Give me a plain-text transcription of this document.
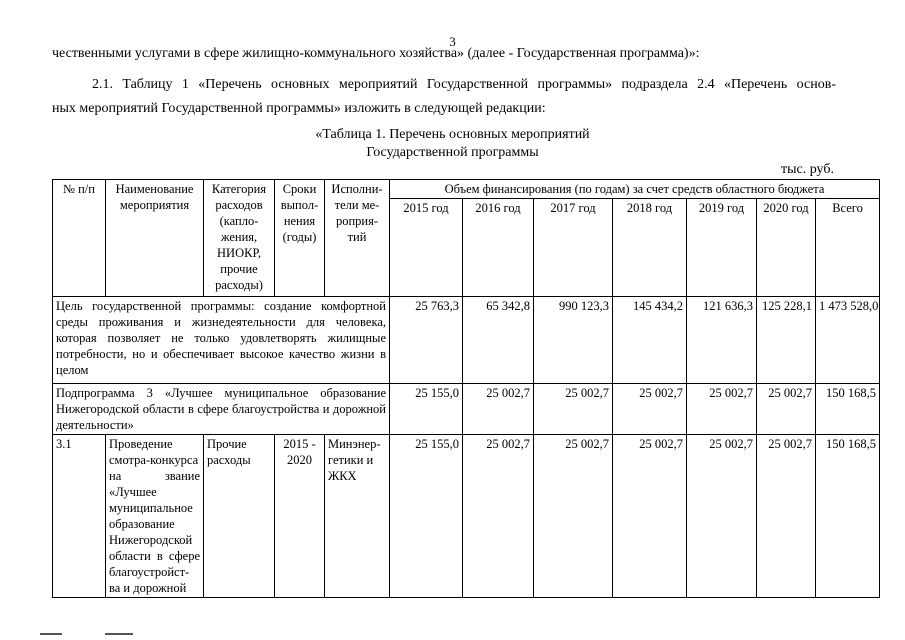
3
чественными услугами в сфере жилищно-коммунального хозяйства» (далее - Государственная программа)»:
2.1. Таблицу 1 «Перечень основных мероприятий Государственной программы» подраздела 2.4 «Перечень основ-
ных мероприятий Государственной программы» изложить в следующей редакции:
«Таблица 1. Перечень основных мероприятий
Государственной программы
тыс. руб.
№ п/п	Наименование мероприятия	Категория расходов (капло-жения, НИОКР, прочие расходы)	Сроки выпол-нения (годы)	Исполни-тели ме-роприя-тий	Объем финансирования (по годам) за счет средств областного бюджета						
					2015 год	2016 год	2017 год	2018 год	2019 год	2020 год	Всего
Цель государственной программы: создание комфортной среды проживания и жизнедеятельности для человека, которая позволяет не только удовлетворять жилищные потребности, но и обеспечивает высокое качество жизни в целом					25 763,3	65 342,8	990 123,3	145 434,2	121 636,3	125 228,1	1 473 528,0
Подпрограмма 3 «Лучшее муниципальное образование Нижегородской области в сфере благоустройства и дорожной деятельности»					25 155,0	25 002,7	25 002,7	25 002,7	25 002,7	25 002,7	150 168,5
3.1	Проведение смотра-конкурса на звание «Лучшее муниципальное образование Нижегородской области в сфере благоустройст-ва и дорожной	Прочие расходы	2015 - 2020	Минэнер-гетики и ЖКХ	25 155,0	25 002,7	25 002,7	25 002,7	25 002,7	25 002,7	150 168,5
